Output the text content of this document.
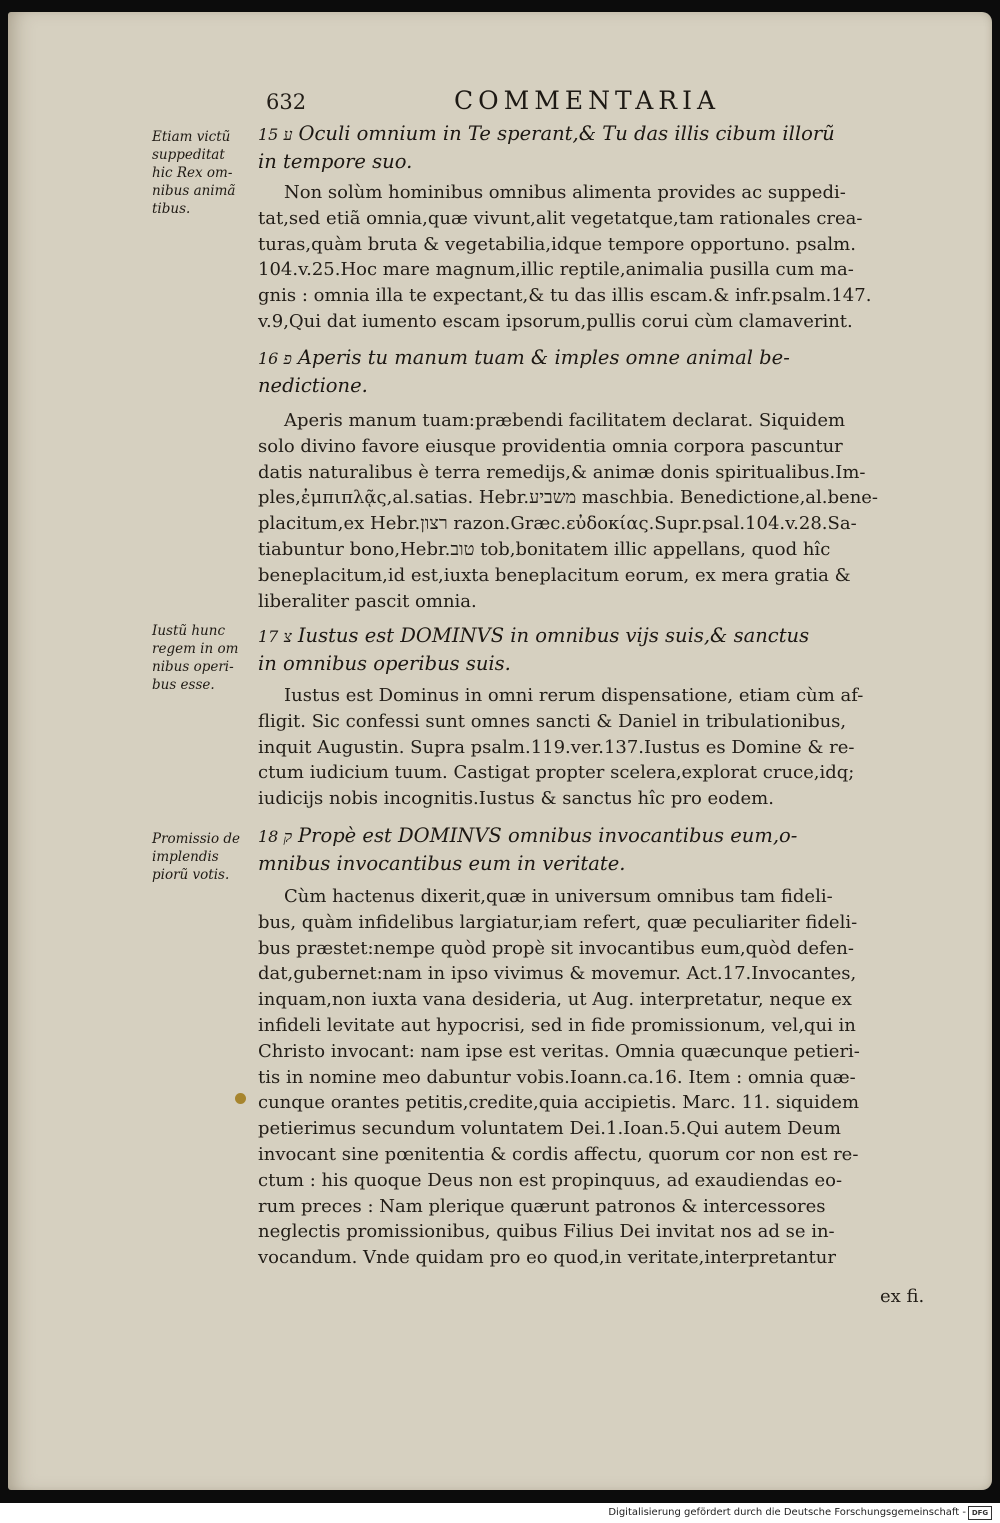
632	COMMENTARIA
Etiam victũ
suppeditat
hic Rex om-
nibus animã
tibus.
Iustũ hunc
regem in om
nibus operi-
bus esse.
Promissio de
implendis
piorũ votis.
ע 15 Oculi omnium in Te sperant,& Tu das illis cibum illorũ
in tempore suo.
Non solùm hominibus omnibus alimenta provides ac suppedi-
tat,sed etiã omnia,quæ vivunt,alit vegetatque,tam rationales crea-
turas,quàm bruta & vegetabilia,idque tempore opportuno. psalm.
104.v.25.Hoc mare magnum,illic reptile,animalia pusilla cum ma-
gnis : omnia illa te expectant,& tu das illis escam.& infr.psalm.147.
v.9,Qui dat iumento escam ipsorum,pullis corui cùm clamaverint.
פ 16 Aperis tu manum tuam & imples omne animal be-
nedictione.
Aperis manum tuam:præbendi facilitatem declarat. Siquidem
solo divino favore eiusque providentia omnia corpora pascuntur
datis naturalibus è terra remedijs,& animæ donis spiritualibus.Im-
ples,ἐμπιπλᾷς,al.satias. Hebr.משביע maschbia. Benedictione,al.bene-
placitum,ex Hebr.רצון razon.Græc.εὐδοκίας.Supr.psal.104.v.28.Sa-
tiabuntur bono,Hebr.טוב tob,bonitatem illic appellans, quod hîc
beneplacitum,id est,iuxta beneplacitum eorum, ex mera gratia &
liberaliter pascit omnia.
צ 17 Iustus est DOMINVS in omnibus vijs suis,& sanctus
in omnibus operibus suis.
Iustus est Dominus in omni rerum dispensatione, etiam cùm af-
fligit. Sic confessi sunt omnes sancti & Daniel in tribulationibus,
inquit Augustin. Supra psalm.119.ver.137.Iustus es Domine & re-
ctum iudicium tuum. Castigat propter scelera,explorat cruce,idq;
iudicijs nobis incognitis.Iustus & sanctus hîc pro eodem.
18 ק Propè est DOMINVS omnibus invocantibus eum,o-
mnibus invocantibus eum in veritate.
Cùm hactenus dixerit,quæ in universum omnibus tam fideli-
bus, quàm infidelibus largiatur,iam refert, quæ peculiariter fideli-
bus præstet:nempe quòd propè sit invocantibus eum,quòd defen-
dat,gubernet:nam in ipso vivimus & movemur. Act.17.Invocantes,
inquam,non iuxta vana desideria, ut Aug. interpretatur, neque ex
infideli levitate aut hypocrisi, sed in fide promissionum, vel,qui in
Christo invocant: nam ipse est veritas. Omnia quæcunque petieri-
tis in nomine meo dabuntur vobis.Ioann.ca.16. Item : omnia quæ-
cunque orantes petitis,credite,quia accipietis. Marc. 11. siquidem
petierimus secundum voluntatem Dei.1.Ioan.5.Qui autem Deum
invocant sine pœnitentia & cordis affectu, quorum cor non est re-
ctum : his quoque Deus non est propinquus, ad exaudiendas eo-
rum preces : Nam plerique quærunt patronos & intercessores
neglectis promissionibus, quibus Filius Dei invitat nos ad se in-
vocandum. Vnde quidam pro eo quod,in veritate,interpretantur
ex fi.
Digitalisierung gefördert durch die Deutsche Forschungsgemeinschaft - DFG
